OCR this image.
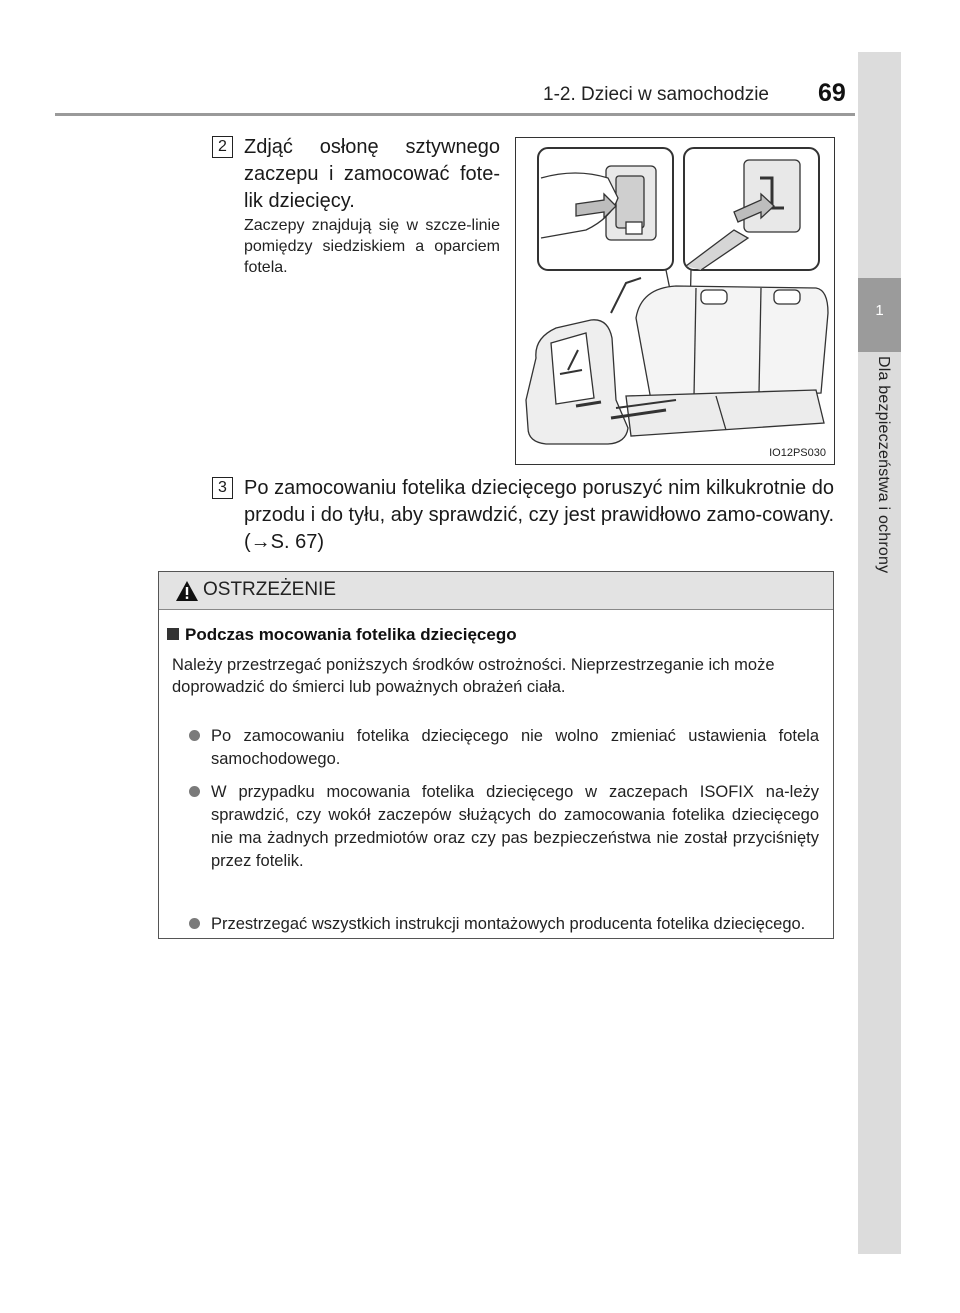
1-2. Dzieci w samochodzie 69
1
Dla bezpieczeństwa i ochrony
2 Zdjąć osłonę sztywnego zaczepu i zamocować fote-lik dziecięcy.
Zaczepy znajdują się w szcze-linie pomiędzy siedziskiem a oparciem fotela.
IO12PS030
3 Po zamocowaniu fotelika dziecięcego poruszyć nim kilkukrotnie do przodu i do tyłu, aby sprawdzić, czy jest prawidłowo zamo-cowany. (→S. 67)
OSTRZEŻENIE
Podczas mocowania fotelika dziecięcego
Należy przestrzegać poniższych środków ostrożności. Nieprzestrzeganie ich może doprowadzić do śmierci lub poważnych obrażeń ciała.
Po zamocowaniu fotelika dziecięcego nie wolno zmieniać ustawienia fotela samochodowego.
W przypadku mocowania fotelika dziecięcego w zaczepach ISOFIX na-leży sprawdzić, czy wokół zaczepów służących do zamocowania fotelika dziecięcego nie ma żadnych przedmiotów oraz czy pas bezpieczeństwa nie został przyciśnięty przez fotelik.
Przestrzegać wszystkich instrukcji montażowych producenta fotelika dziecięcego.
